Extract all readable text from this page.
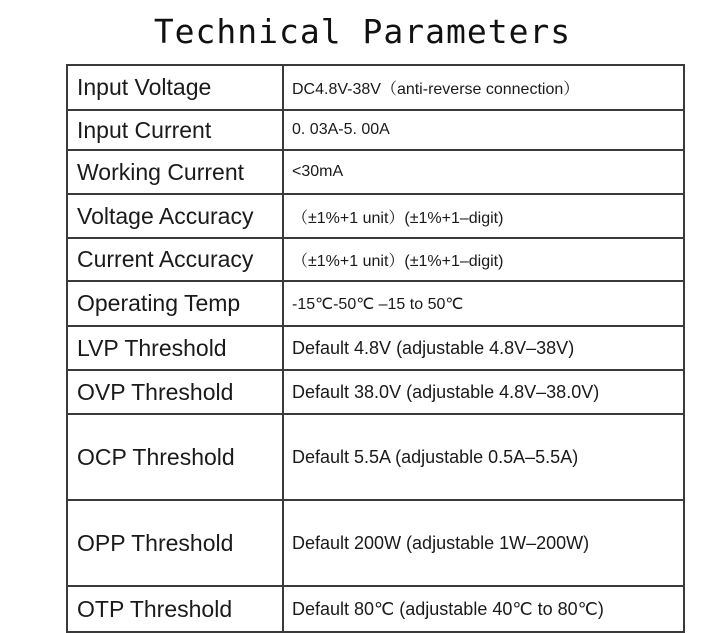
Technical Parameters
Input Voltage	DC4.8V-38V（anti-reverse connection）
Input Current	0. 03A-5. 00A
Working Current	<30mA
Voltage Accuracy	（±1%+1 unit）(±1%+1–digit)
Current Accuracy	（±1%+1 unit）(±1%+1–digit)
Operating Temp	-15℃-50℃ –15 to 50℃
LVP Threshold	Default 4.8V (adjustable 4.8V–38V)
OVP Threshold	Default 38.0V (adjustable 4.8V–38.0V)
OCP Threshold	Default 5.5A (adjustable 0.5A–5.5A)
OPP Threshold	Default 200W (adjustable 1W–200W)
OTP Threshold	Default 80℃ (adjustable 40℃ to 80℃)
